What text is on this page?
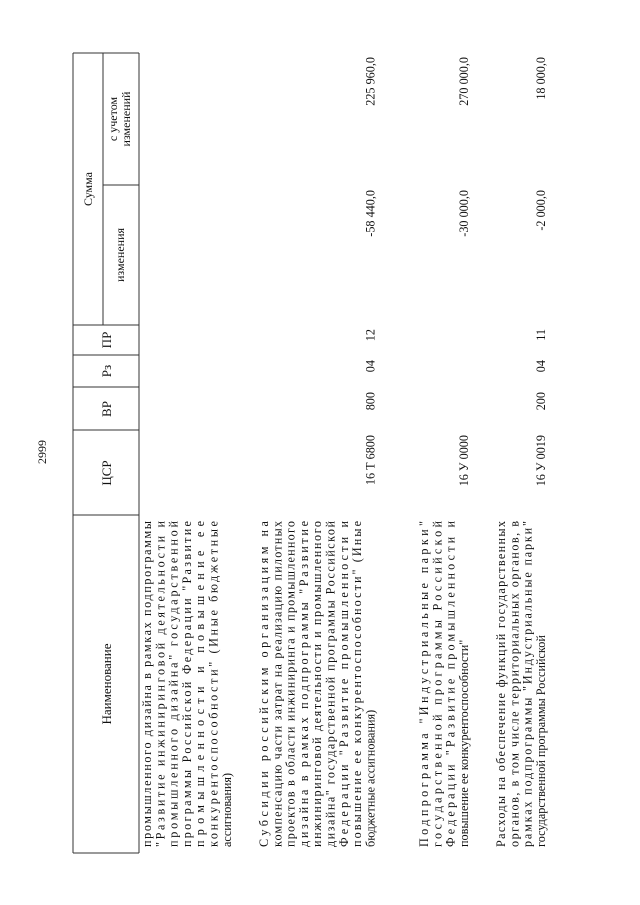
2999
Наименование
ЦСР
ВР
Рз
ПР
Сумма
изменения
с учетом изменений
промышленного дизайна в рамках подпрограммы
"Развитие инжиниринговой деятельности и
промышленного дизайна" государственной
программы Российской Федерации "Развитие
промышленности и повышение ее
конкурентоспособности" (Иные бюджетные
ассигнования) Субсидии российским организациям на
компенсацию части затрат на реализацию пилотных
проектов в области инжиниринга и промышленного
дизайна в рамках подпрограммы "Развитие
инжиниринговой деятельности и промышленного
дизайна" государственной программы Российской
Федерации "Развитие промышленности и
повышение ее конкурентоспособности" (Иные
бюджетные ассигнования)
16 Т 6800
800
04
12
-58 440,0
225 960,0
Подпрограмма "Индустриальные парки"
государственной программы Российской
Федерации "Развитие промышленности и
повышение ее конкурентоспособности"
16 У 0000
-30 000,0
270 000,0
Расходы на обеспечение функций государственных
органов, в том числе территориальных органов, в
рамках подпрограммы "Индустриальные парки"
государственной программы Российской
16 У 0019
200
04
11
-2 000,0
18 000,0
